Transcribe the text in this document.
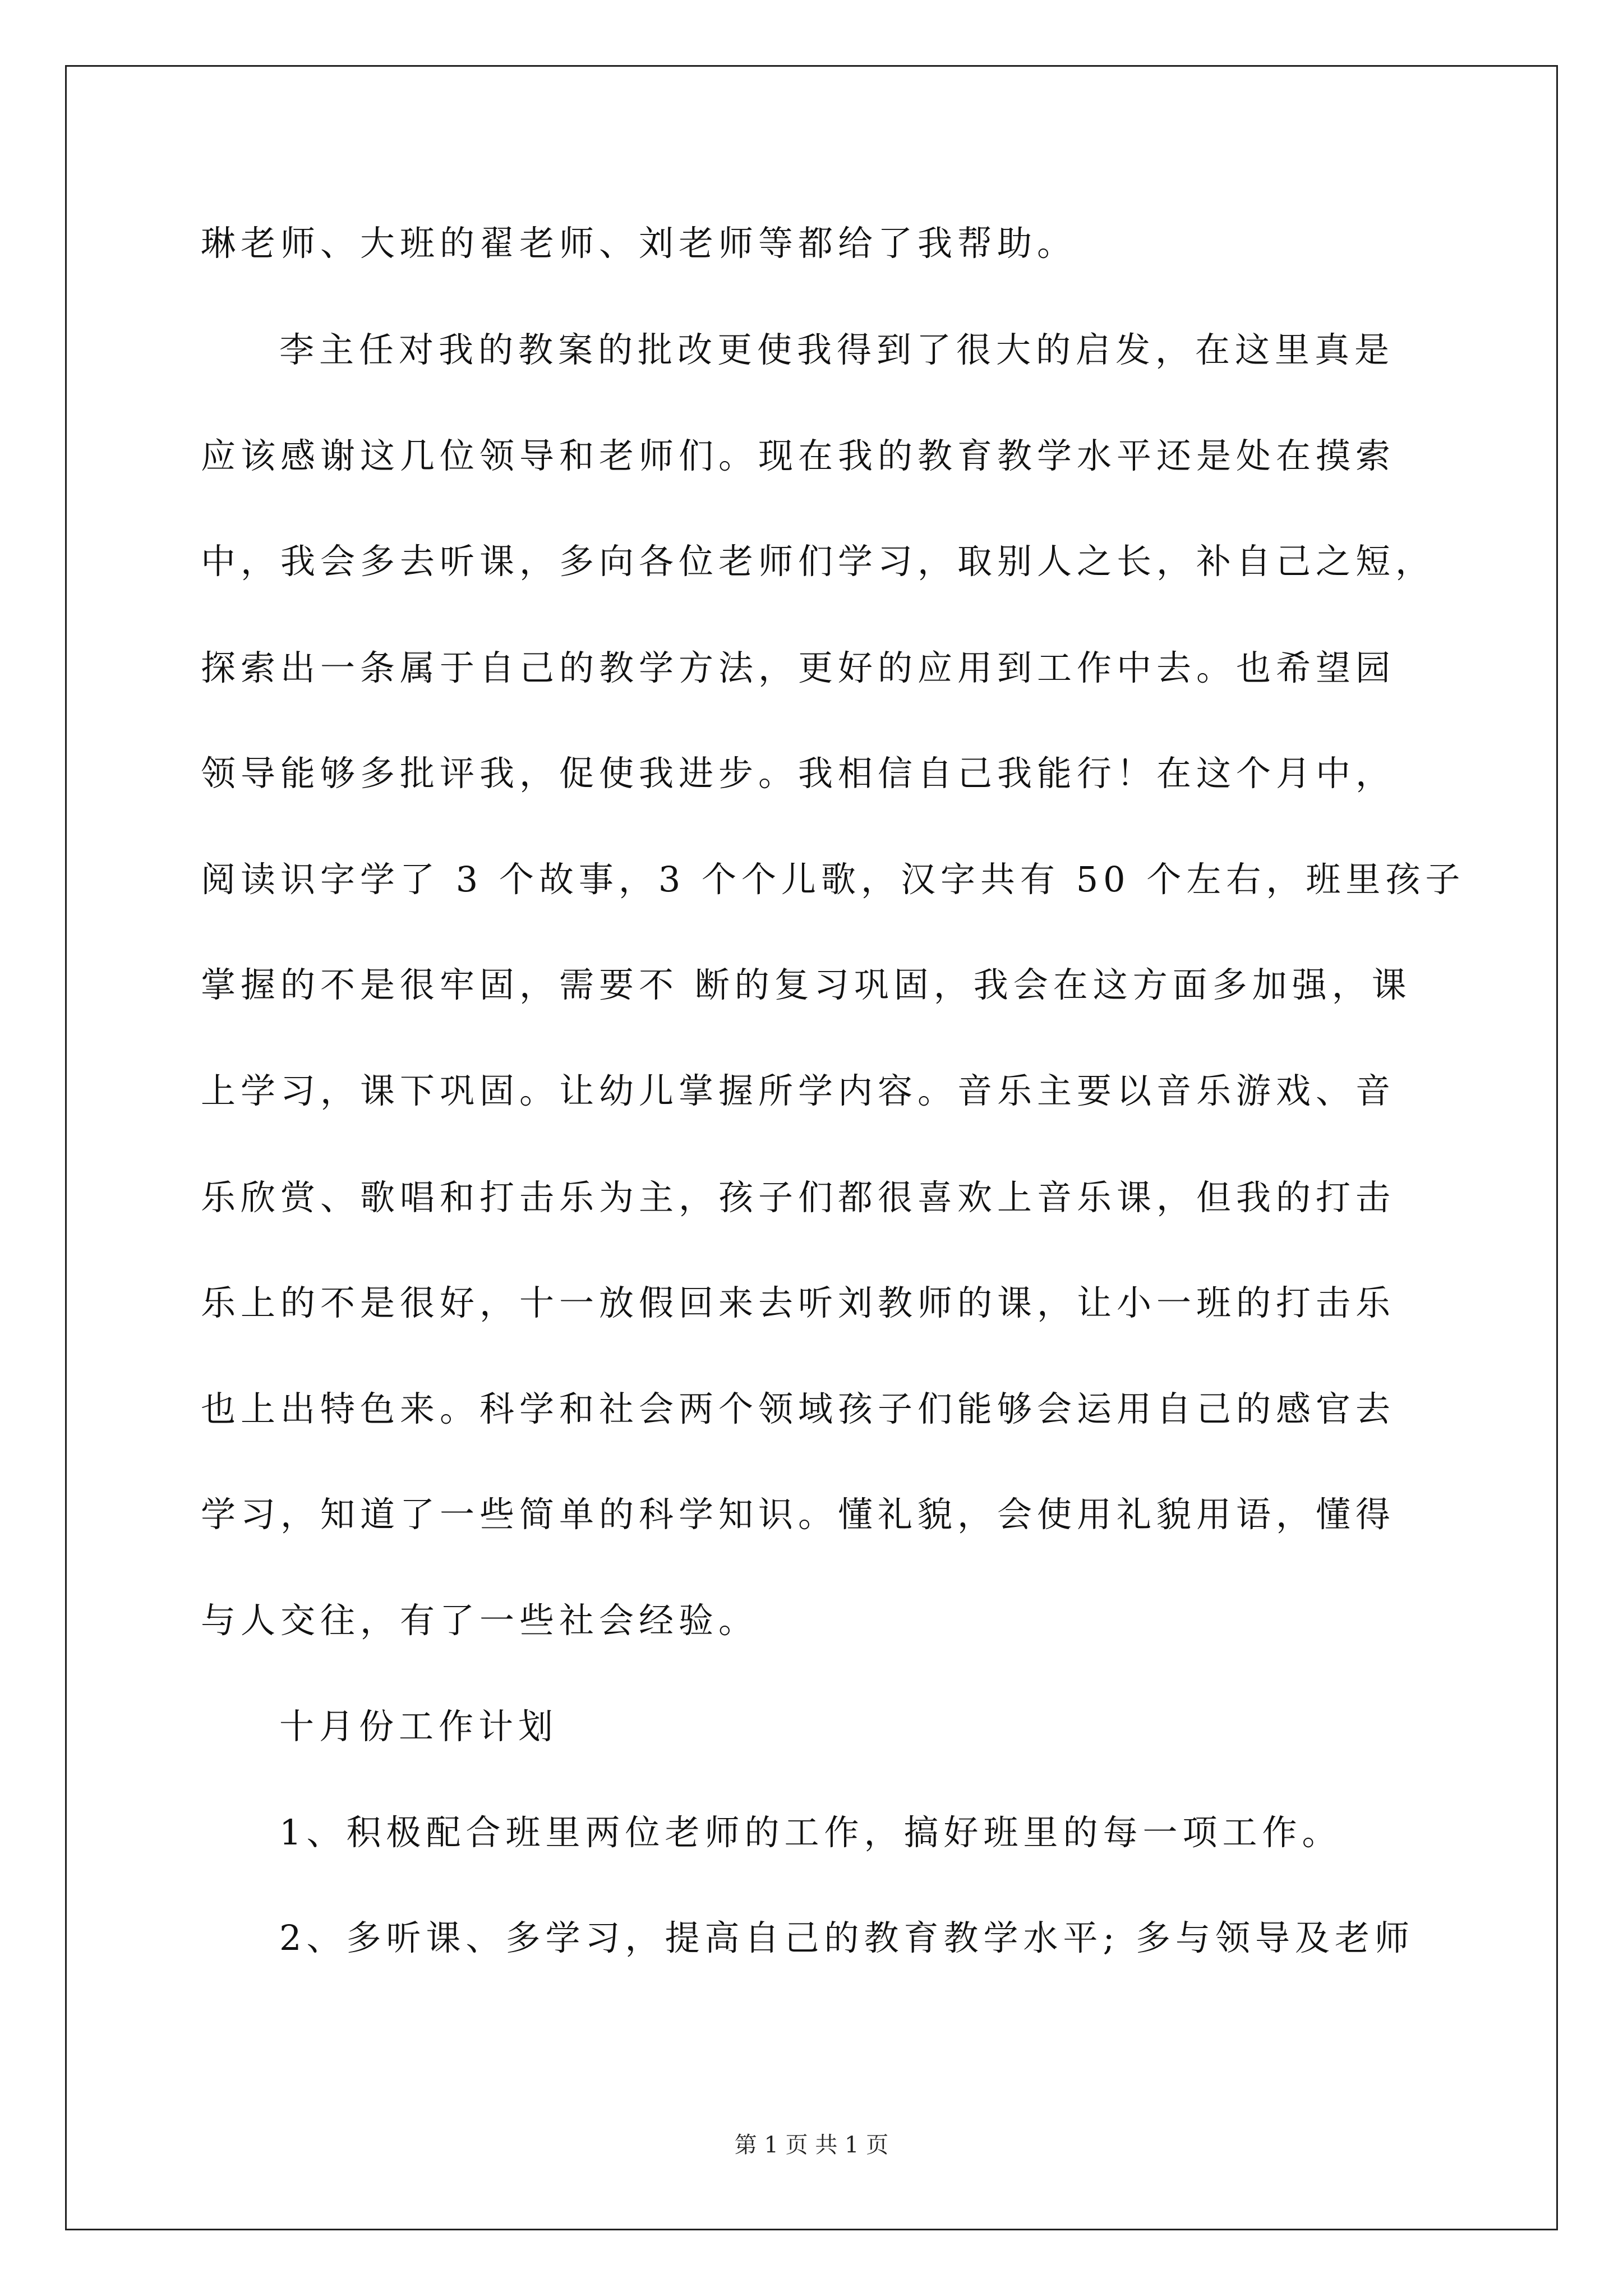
琳老师、大班的翟老师、刘老师等都给了我帮助。
李主任对我的教案的批改更使我得到了很大的启发，在这里真是
应该感谢这几位领导和老师们。现在我的教育教学水平还是处在摸索
中，我会多去听课，多向各位老师们学习，取别人之长，补自己之短，
探索出一条属于自己的教学方法，更好的应用到工作中去。也希望园
领导能够多批评我，促使我进步。我相信自己我能行！在这个月中，
阅读识字学了 3 个故事，3 个个儿歌，汉字共有 50 个左右，班里孩子
掌握的不是很牢固，需要不 断的复习巩固，我会在这方面多加强，课
上学习，课下巩固。让幼儿掌握所学内容。音乐主要以音乐游戏、音
乐欣赏、歌唱和打击乐为主，孩子们都很喜欢上音乐课，但我的打击
乐上的不是很好，十一放假回来去听刘教师的课，让小一班的打击乐
也上出特色来。科学和社会两个领域孩子们能够会运用自己的感官去
学习，知道了一些简单的科学知识。懂礼貌，会使用礼貌用语，懂得
与人交往，有了一些社会经验。
十月份工作计划
1、积极配合班里两位老师的工作，搞好班里的每一项工作。
2、多听课、多学习，提高自己的教育教学水平; 多与领导及老师
第 1 页 共 1 页
